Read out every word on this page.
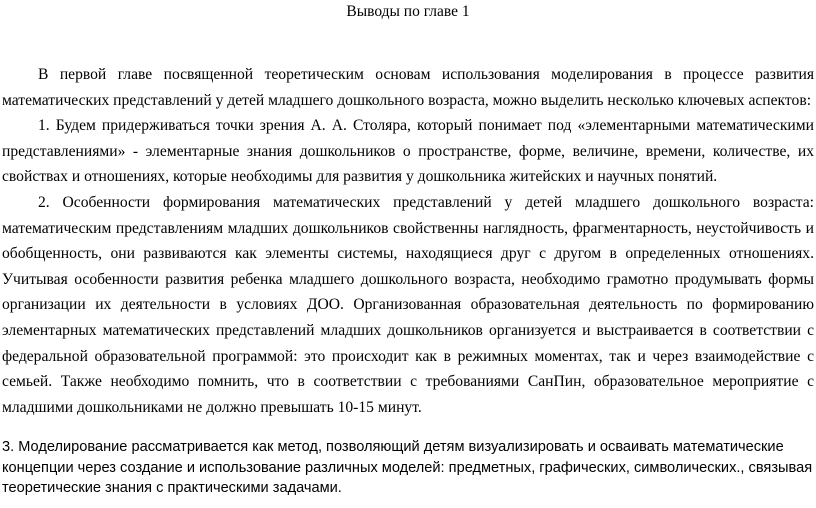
Выводы по главе 1

В первой главе посвященной теоретическим основам использования моделирования в процессе развития математических представлений у детей младшего дошкольного возраста, можно выделить несколько ключевых аспектов:

1. Будем придерживаться точки зрения А. А. Столяра, который понимает под «элементарными математическими представлениями» - элементарные знания дошкольников о пространстве, форме, величине, времени, количестве, их свойствах и отношениях, которые необходимы для развития у дошкольника житейских и научных понятий.

2. Особенности формирования математических представлений у детей младшего дошкольного возраста: математическим представлениям младших дошкольников свойственны наглядность, фрагментарность, неустойчивость и обобщенность, они развиваются как элементы системы, находящиеся друг с другом в определенных отношениях. Учитывая особенности развития ребенка младшего дошкольного возраста, необходимо грамотно продумывать формы организации их деятельности в условиях ДОО. Организованная образовательная деятельность по формированию элементарных математических представлений младших дошкольников организуется и выстраивается в соответствии с федеральной образовательной программой: это происходит как в режимных моментах, так и через взаимодействие с семьей. Также необходимо помнить, что в соответствии с требованиями СанПин, образовательное мероприятие с младшими дошкольниками не должно превышать 10-15 минут.

3. Моделирование рассматривается как метод, позволяющий детям визуализировать и осваивать математические концепции через создание и использование различных моделей: предметных, графических, символических., связывая теоретические знания с практическими задачами.
